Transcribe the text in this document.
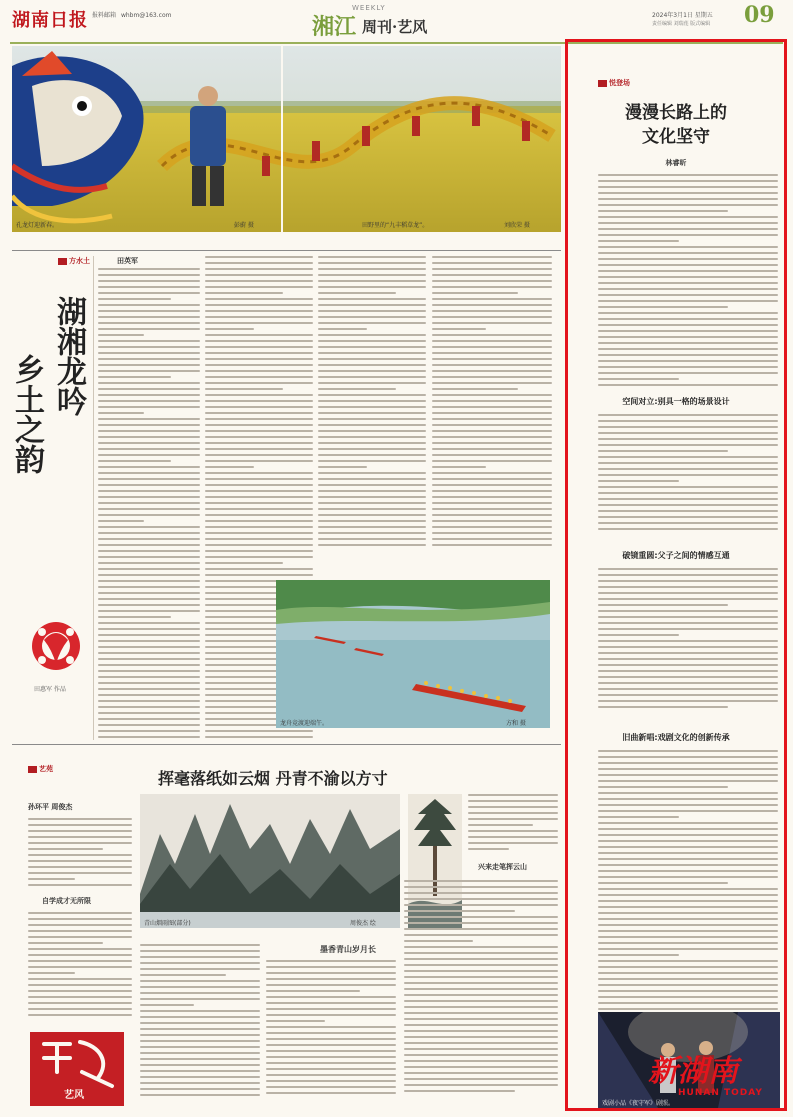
湖南日报 报料邮箱 whbm@163.com
WEEKLY
湘江 周刊·艺风
2024年3月1日 星期五
责任编辑 刘瑞莲 版式编辑 09
孔龙灯迎新春。	彭蔚 摄	田野里的“九丰稻草龙”。	刘欣荣 摄
方水土
湖湘龙吟
乡土之韵
田惠军 作品
田英军
龙舟竞渡迎端午。	方和 摄
艺苑	挥毫落纸如云烟 丹青不渝以方寸
孙环平 周俊杰
自学成才无所限
艺风
青山烟雨图(部分)	周俊杰 绘
墨香青山岁月长
兴来走笔挥云山
悦登场
漫漫长路上的
文化坚守
林睿昕
空间对立:别具一格的场景设计
破镜重圆:父子之间的情感互通
旧曲新唱:戏剧文化的创新传承
戏剧小品《夜守军》剧照。
新湖南
HUNAN TODAY
